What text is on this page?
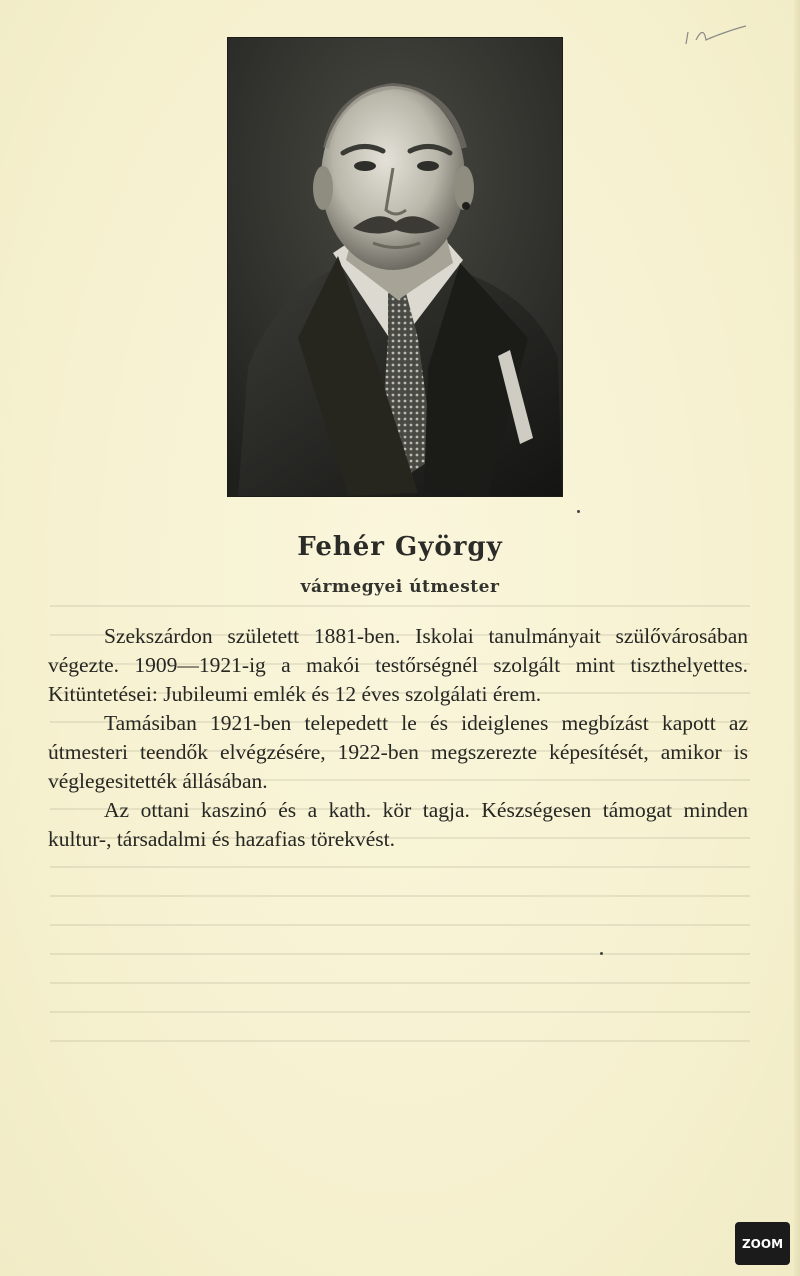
Fehér György
vármegyei útmester

Szekszárdon született 1881-ben. Iskolai tanulmányait szülővárosában végezte. 1909—1921-ig a makói testőrségnél szolgált mint tiszthelyettes. Kitüntetései: Jubileumi emlék és 12 éves szolgálati érem.

Tamásiban 1921-ben telepedett le és ideiglenes megbízást kapott az útmesteri teendők elvégzésére, 1922-ben megszerezte képesítését, amikor is véglegesitették állásában.

Az ottani kaszinó és a kath. kör tagja. Készségesen támogat minden kultur-, társadalmi és hazafias törekvést.

ZOOM
